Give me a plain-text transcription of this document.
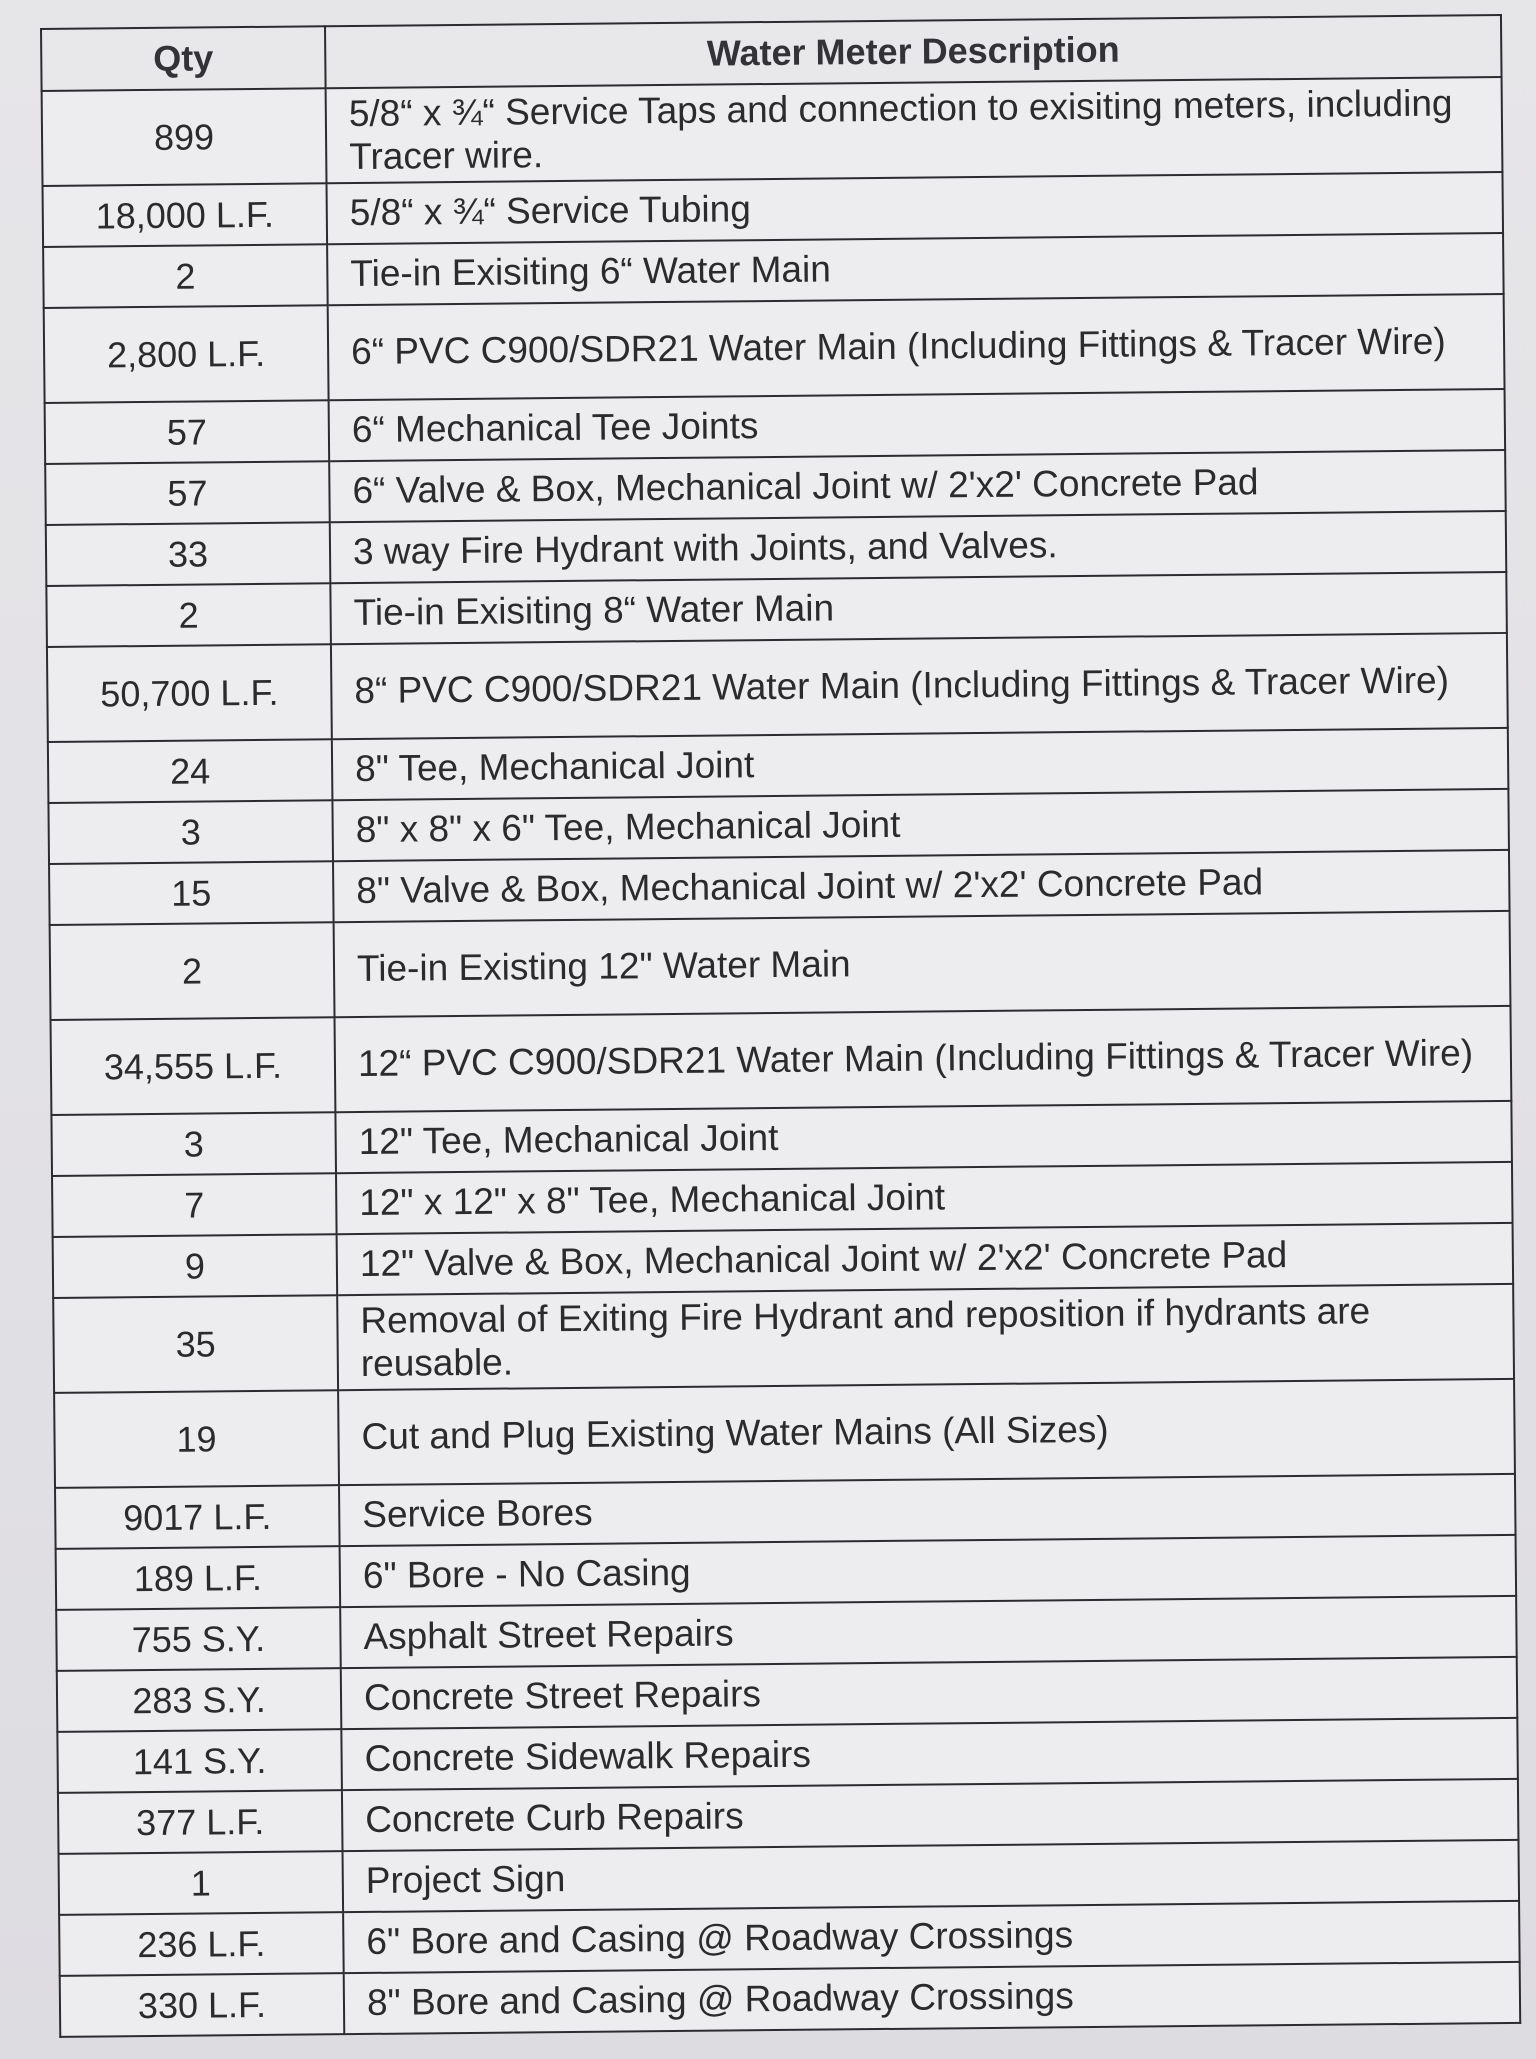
Qty	Water Meter Description
899	5/8“ x ¾“ Service Taps and connection to exisiting meters, including Tracer wire.
18,000 L.F.	5/8“ x ¾“ Service Tubing
2	Tie-in Exisiting 6“ Water Main
2,800 L.F.	6“ PVC C900/SDR21 Water Main (Including Fittings & Tracer Wire)
57	6“ Mechanical Tee Joints
57	6“ Valve & Box, Mechanical Joint w/ 2'x2' Concrete Pad
33	3 way Fire Hydrant with Joints, and Valves.
2	Tie-in Exisiting 8“ Water Main
50,700 L.F.	8“ PVC C900/SDR21 Water Main (Including Fittings & Tracer Wire)
24	8" Tee, Mechanical Joint
3	8" x 8" x 6" Tee, Mechanical Joint
15	8" Valve & Box, Mechanical Joint w/ 2'x2' Concrete Pad
2	Tie-in Existing 12" Water Main
34,555 L.F.	12“ PVC C900/SDR21 Water Main (Including Fittings & Tracer Wire)
3	12" Tee, Mechanical Joint
7	12" x 12" x 8" Tee, Mechanical Joint
9	12" Valve & Box, Mechanical Joint w/ 2'x2' Concrete Pad
35	Removal of Exiting Fire Hydrant and reposition if hydrants are reusable.
19	Cut and Plug Existing Water Mains (All Sizes)
9017 L.F.	Service Bores
189 L.F.	6" Bore - No Casing
755 S.Y.	Asphalt Street Repairs
283 S.Y.	Concrete Street Repairs
141 S.Y.	Concrete Sidewalk Repairs
377 L.F.	Concrete Curb Repairs
1	Project Sign
236 L.F.	6" Bore and Casing @ Roadway Crossings
330 L.F.	8" Bore and Casing @ Roadway Crossings
